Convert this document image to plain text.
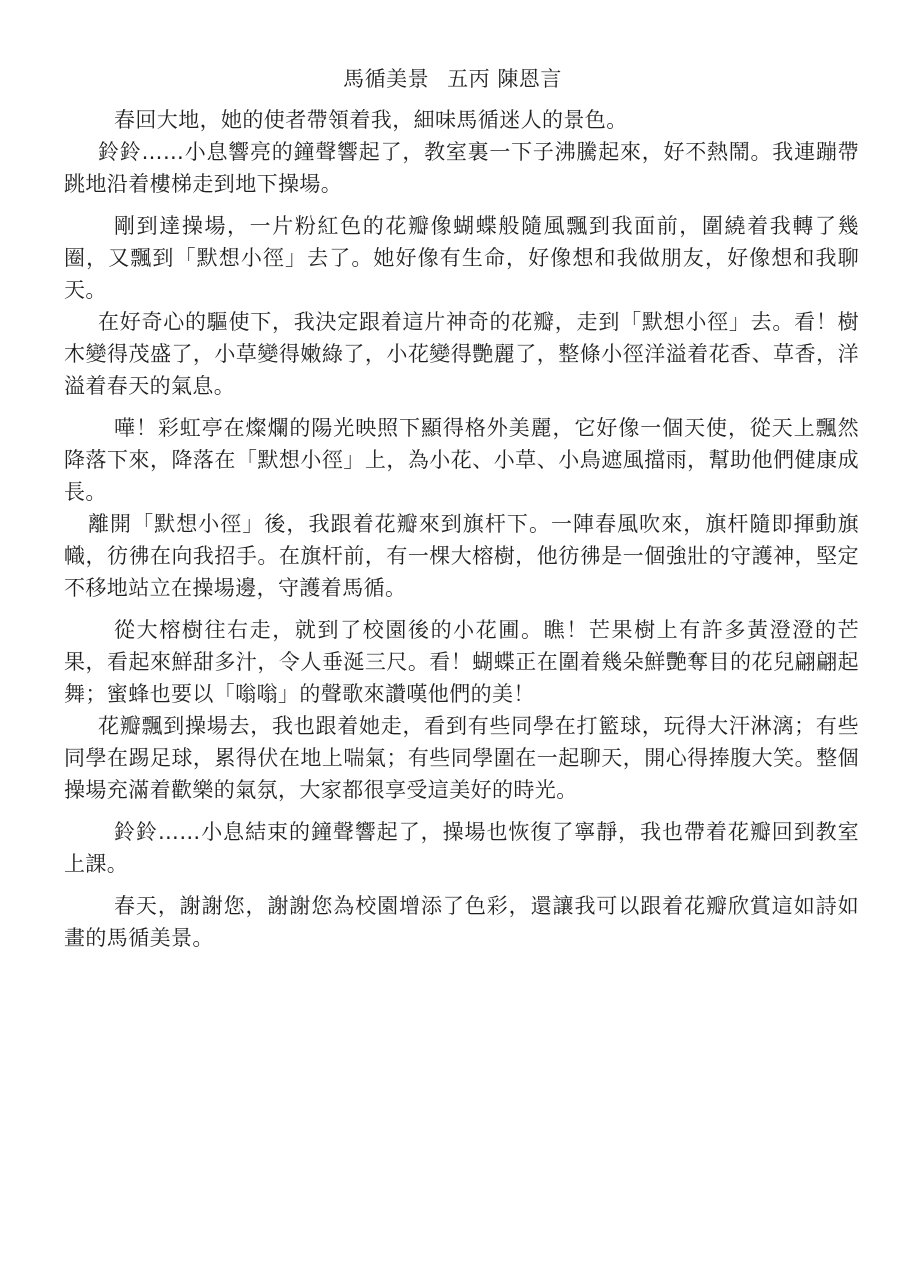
馬循美景 五丙 陳恩言

春回大地，她的使者帶領着我，細味馬循迷人的景色。

鈴鈴……小息響亮的鐘聲響起了，教室裏一下子沸騰起來，好不熱鬧。我連蹦帶跳地沿着樓梯走到地下操場。

剛到達操場，一片粉紅色的花瓣像蝴蝶般隨風飄到我面前，圍繞着我轉了幾圈，又飄到「默想小徑」去了。她好像有生命，好像想和我做朋友，好像想和我聊天。

在好奇心的驅使下，我決定跟着這片神奇的花瓣，走到「默想小徑」去。看！樹木變得茂盛了，小草變得嫩綠了，小花變得艷麗了，整條小徑洋溢着花香、草香，洋溢着春天的氣息。

嘩！彩虹亭在燦爛的陽光映照下顯得格外美麗，它好像一個天使，從天上飄然降落下來，降落在「默想小徑」上，為小花、小草、小鳥遮風擋雨，幫助他們健康成長。

離開「默想小徑」後，我跟着花瓣來到旗杆下。一陣春風吹來，旗杆隨即揮動旗幟，彷彿在向我招手。在旗杆前，有一棵大榕樹，他彷彿是一個強壯的守護神，堅定不移地站立在操場邊，守護着馬循。

從大榕樹往右走，就到了校園後的小花圃。瞧！芒果樹上有許多黃澄澄的芒果，看起來鮮甜多汁，令人垂涎三尺。看！蝴蝶正在圍着幾朵鮮艷奪目的花兒翩翩起舞；蜜蜂也要以「嗡嗡」的聲歌來讚嘆他們的美！

花瓣飄到操場去，我也跟着她走，看到有些同學在打籃球，玩得大汗淋漓；有些同學在踢足球，累得伏在地上喘氣；有些同學圍在一起聊天，開心得捧腹大笑。整個操場充滿着歡樂的氣氛，大家都很享受這美好的時光。

鈴鈴……小息結束的鐘聲響起了，操場也恢復了寧靜，我也帶着花瓣回到教室上課。

春天，謝謝您，謝謝您為校園增添了色彩，還讓我可以跟着花瓣欣賞這如詩如畫的馬循美景。
